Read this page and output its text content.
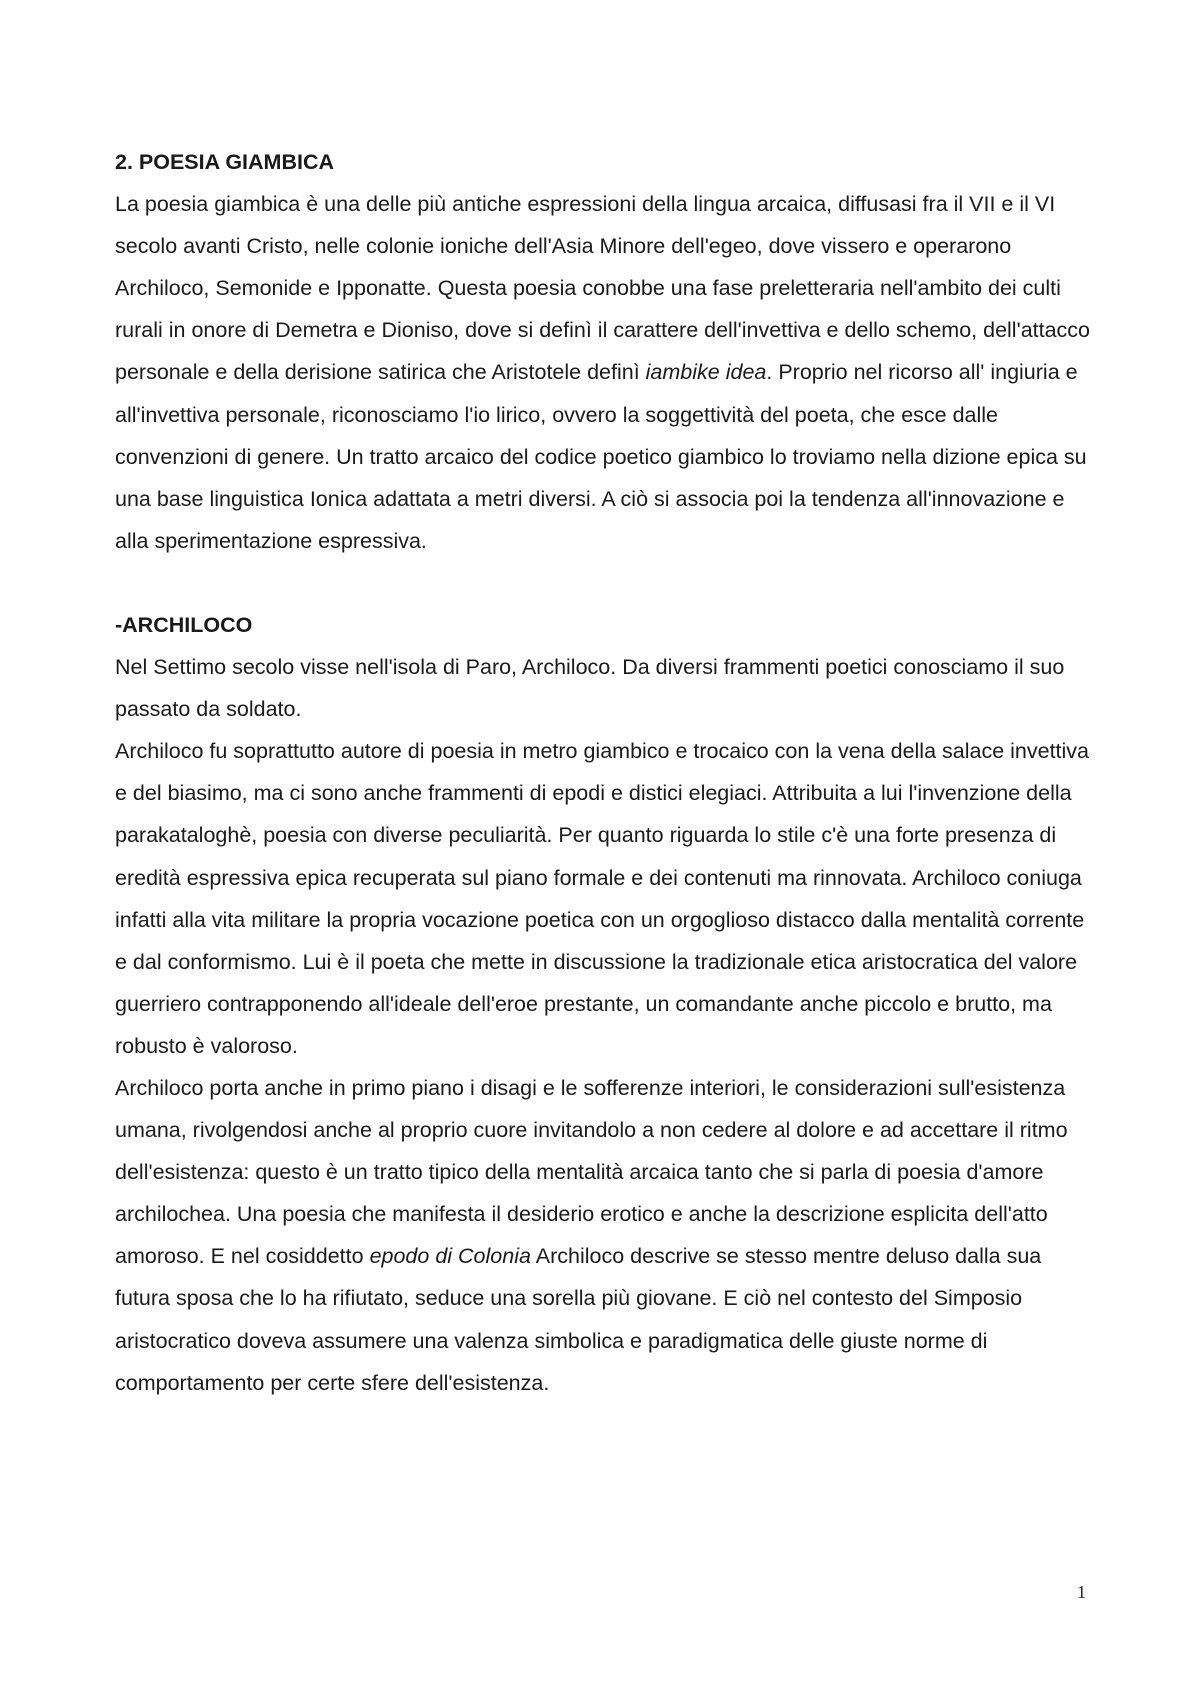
2. POESIA GIAMBICA

La poesia giambica è una delle più antiche espressioni della lingua arcaica, diffusasi fra il VII e il VI secolo avanti Cristo, nelle colonie ioniche dell'Asia Minore dell'egeo, dove vissero e operarono Archiloco, Semonide e Ipponatte. Questa poesia conobbe una fase preletteraria nell'ambito dei culti rurali in onore di Demetra e Dioniso, dove si definì il carattere dell'invettiva e dello schemo, dell'attacco personale e della derisione satirica che Aristotele definì iambike idea. Proprio nel ricorso all' ingiuria e all'invettiva personale, riconosciamo l'io lirico, ovvero la soggettività del poeta, che esce dalle convenzioni di genere. Un tratto arcaico del codice poetico giambico lo troviamo nella dizione epica su una base linguistica Ionica adattata a metri diversi. A ciò si associa poi la tendenza all'innovazione e alla sperimentazione espressiva.

-ARCHILOCO

Nel Settimo secolo visse nell'isola di Paro, Archiloco. Da diversi frammenti poetici conosciamo il suo passato da soldato.

Archiloco fu soprattutto autore di poesia in metro giambico e trocaico con la vena della salace invettiva e del biasimo, ma ci sono anche frammenti di epodi e distici elegiaci. Attribuita a lui l'invenzione della parakataloghè, poesia con diverse peculiarità. Per quanto riguarda lo stile c'è una forte presenza di eredità espressiva epica recuperata sul piano formale e dei contenuti ma rinnovata. Archiloco coniuga infatti alla vita militare la propria vocazione poetica con un orgoglioso distacco dalla mentalità corrente e dal conformismo. Lui è il poeta che mette in discussione la tradizionale etica aristocratica del valore guerriero contrapponendo all'ideale dell'eroe prestante, un comandante anche piccolo e brutto, ma robusto è valoroso.

Archiloco porta anche in primo piano i disagi e le sofferenze interiori, le considerazioni sull'esistenza umana, rivolgendosi anche al proprio cuore invitandolo a non cedere al dolore e ad accettare il ritmo dell'esistenza: questo è un tratto tipico della mentalità arcaica tanto che si parla di poesia d'amore archilochea. Una poesia che manifesta il desiderio erotico e anche la descrizione esplicita dell'atto amoroso. E nel cosiddetto epodo di Colonia Archiloco descrive se stesso mentre deluso dalla sua futura sposa che lo ha rifiutato, seduce una sorella più giovane. E ciò nel contesto del Simposio aristocratico doveva assumere una valenza simbolica e paradigmatica delle giuste norme di comportamento per certe sfere dell'esistenza.

1
